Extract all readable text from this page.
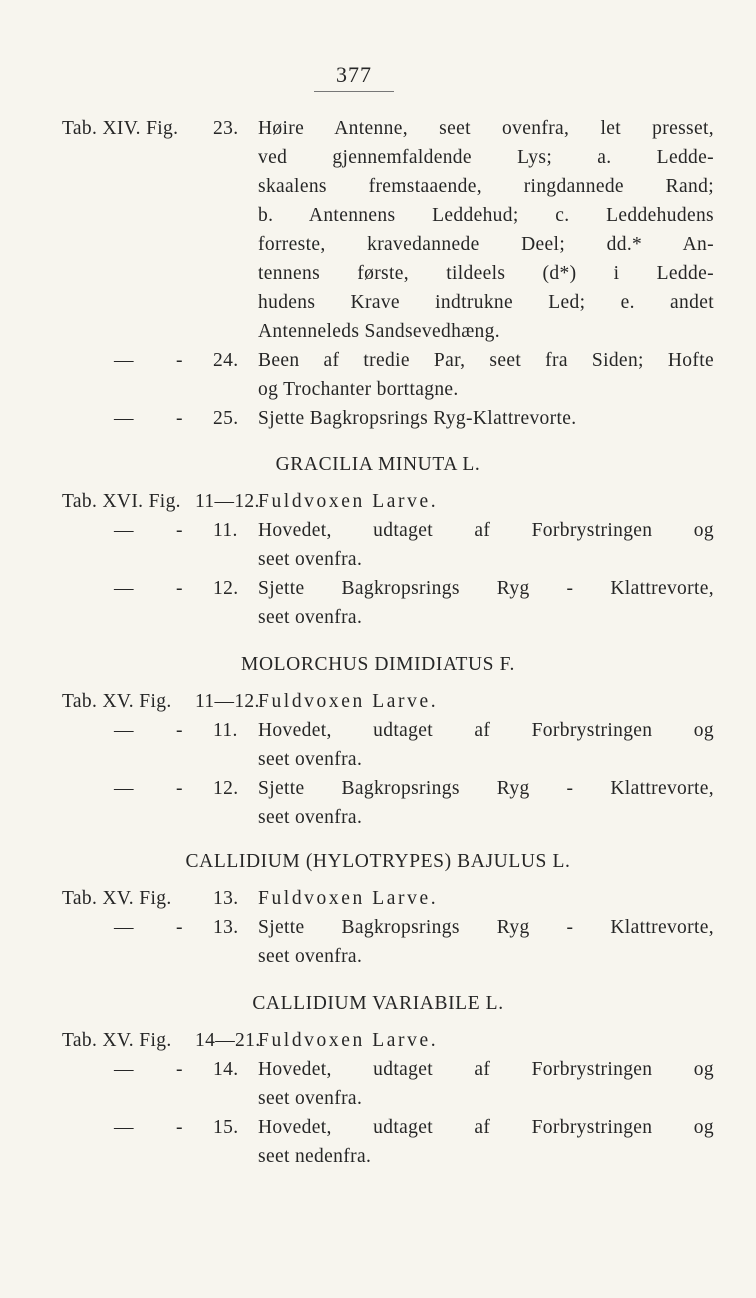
377
Tab. XIV. Fig. 23. Høire Antenne, seet ovenfra, let presset,
ved gjennemfaldende Lys; a. Ledde-
skaalens fremstaaende, ringdannede Rand;
b. Antennens Leddehud; c. Leddehudens
forreste, kravedannede Deel; dd.* An-
tennens første, tildeels (d*) i Ledde-
hudens Krave indtrukne Led; e. andet
Antenneleds Sandsevedhæng.
— - 24. Been af tredie Par, seet fra Siden; Hofte
og Trochanter borttagne.
— - 25. Sjette Bagkropsrings Ryg-Klattrevorte.
GRACILIA MINUTA L.
Tab. XVI. Fig. 11—12.
Fuldvoxen Larve.
— - 11. Hovedet, udtaget af Forbrystringen og
seet ovenfra.
— - 12. Sjette Bagkropsrings Ryg - Klattrevorte,
seet ovenfra.
MOLORCHUS DIMIDIATUS F.
Tab. XV. Fig. 11—12.
Fuldvoxen Larve.
— - 11. Hovedet, udtaget af Forbrystringen og
seet ovenfra.
— - 12. Sjette Bagkropsrings Ryg - Klattrevorte,
seet ovenfra.
CALLIDIUM (HYLOTRYPES) BAJULUS L.
Tab. XV. Fig. 13. Fuldvoxen Larve.
— - 13. Sjette Bagkropsrings Ryg - Klattrevorte,
seet ovenfra.
CALLIDIUM VARIABILE L.
Tab. XV. Fig. 14—21.
Fuldvoxen Larve.
— - 14. Hovedet, udtaget af Forbrystringen og
seet ovenfra.
— - 15. Hovedet, udtaget af Forbrystringen og
seet nedenfra.
